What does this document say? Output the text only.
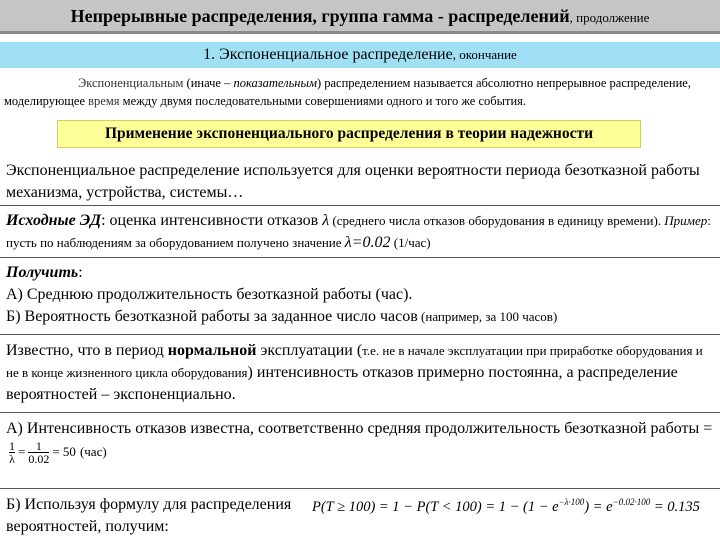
Непрерывные распределения, группа гамма - распределений, продолжение
1. Экспоненциальное распределение, окончание
Экспоненциальным (иначе – показательным) распределением называется абсолютно непрерывное распределение, моделирующее время между двумя последовательными совершениями одного и того же события.
Применение экспоненциального распределения в теории надежности
Экспоненциальное распределение используется для оценки вероятности периода безотказной работы механизма, устройства, системы…
Исходные ЭД: оценка интенсивности отказов λ (среднего числа отказов оборудования в единицу времени). Пример: пусть по наблюдениям за оборудованием получено значение λ=0.02 (1/час)
Получить:
А) Среднюю продолжительность безотказной работы (час).
Б) Вероятность безотказной работы за заданное число часов (например, за 100 часов)
Известно, что в период нормальной эксплуатации (т.е. не в начале эксплуатации при приработке оборудования и не в конце жизненного цикла оборудования) интенсивность отказов примерно постоянна, а распределение вероятностей – экспоненциально.
А) Интенсивность отказов известна, соответственно средняя продолжительность безотказной работы =
$\frac{1}{\lambda} = \frac{1}{0.02} = 50$ (час)
Б) Используя формулу для распределения вероятностей, получим:
$P(T \ge 100) = 1 - P(T < 100) = 1 - (1 - e^{-\lambda\cdot 100}) = e^{-0.02\cdot 100} = 0.135$
